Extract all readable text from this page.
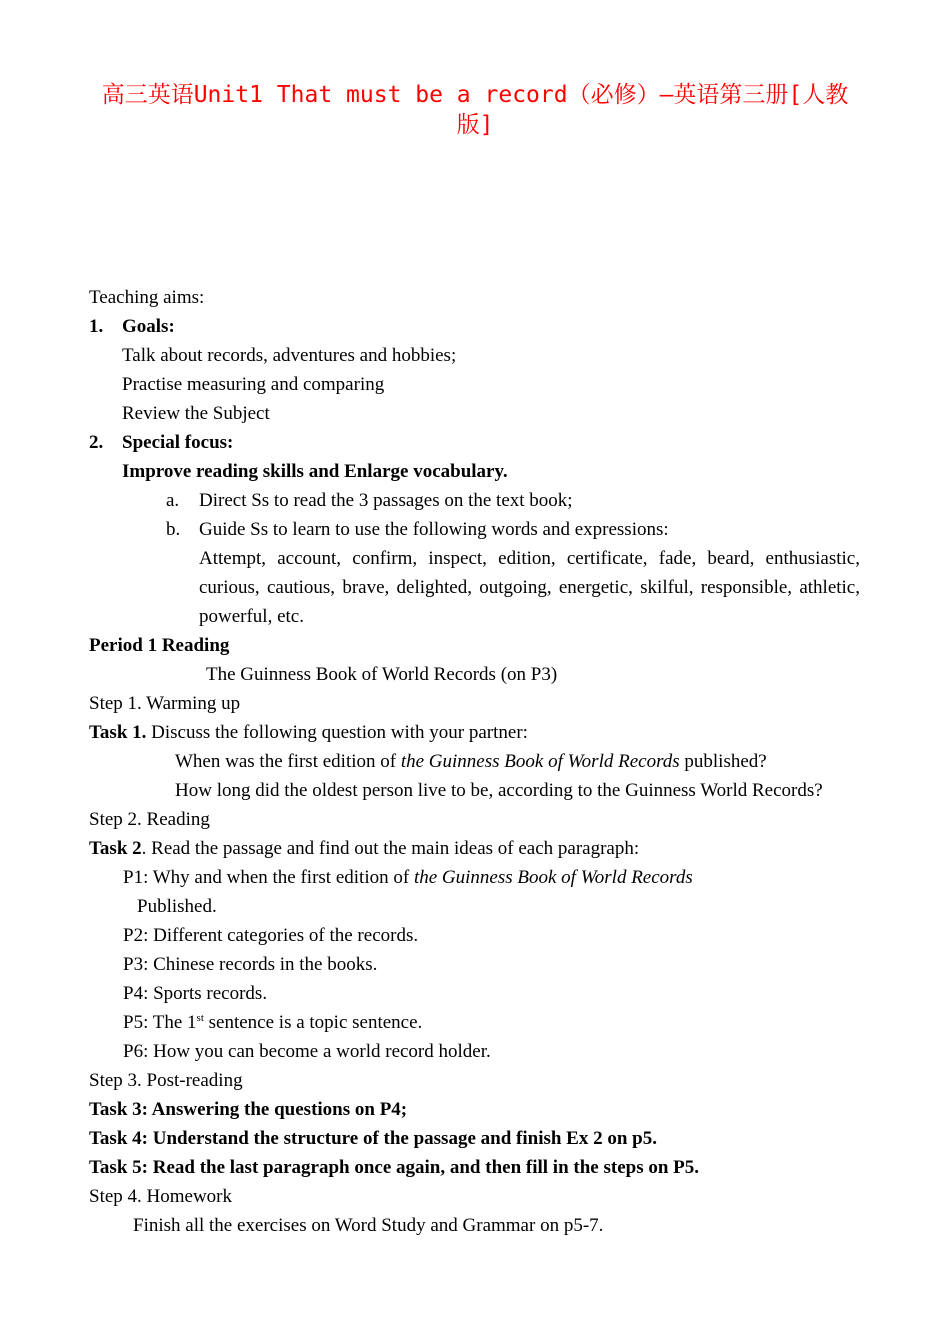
高三英语Unit1 That must be a record（必修）—英语第三册[人教版]
Teaching aims:
1. Goals:
Talk about records, adventures and hobbies;
Practise measuring and comparing
Review the Subject
2. Special focus:
Improve reading skills and Enlarge vocabulary.
a. Direct Ss to read the 3 passages on the text book;
b. Guide Ss to learn to use the following words and expressions:
Attempt, account, confirm, inspect, edition, certificate, fade, beard, enthusiastic, curious, cautious, brave, delighted, outgoing, energetic, skilful, responsible, athletic, powerful, etc.
Period 1 Reading
The Guinness Book of World Records (on P3)
Step 1. Warming up
Task 1. Discuss the following question with your partner:
When was the first edition of the Guinness Book of World Records published?
How long did the oldest person live to be, according to the Guinness World Records?
Step 2. Reading
Task 2. Read the passage and find out the main ideas of each paragraph:
P1: Why and when the first edition of the Guinness Book of World Records
Published.
P2: Different categories of the records.
P3: Chinese records in the books.
P4: Sports records.
P5: The 1st sentence is a topic sentence.
P6: How you can become a world record holder.
Step 3. Post-reading
Task 3: Answering the questions on P4;
Task 4: Understand the structure of the passage and finish Ex 2 on p5.
Task 5: Read the last paragraph once again, and then fill in the steps on P5.
Step 4. Homework
Finish all the exercises on Word Study and Grammar on p5-7.
